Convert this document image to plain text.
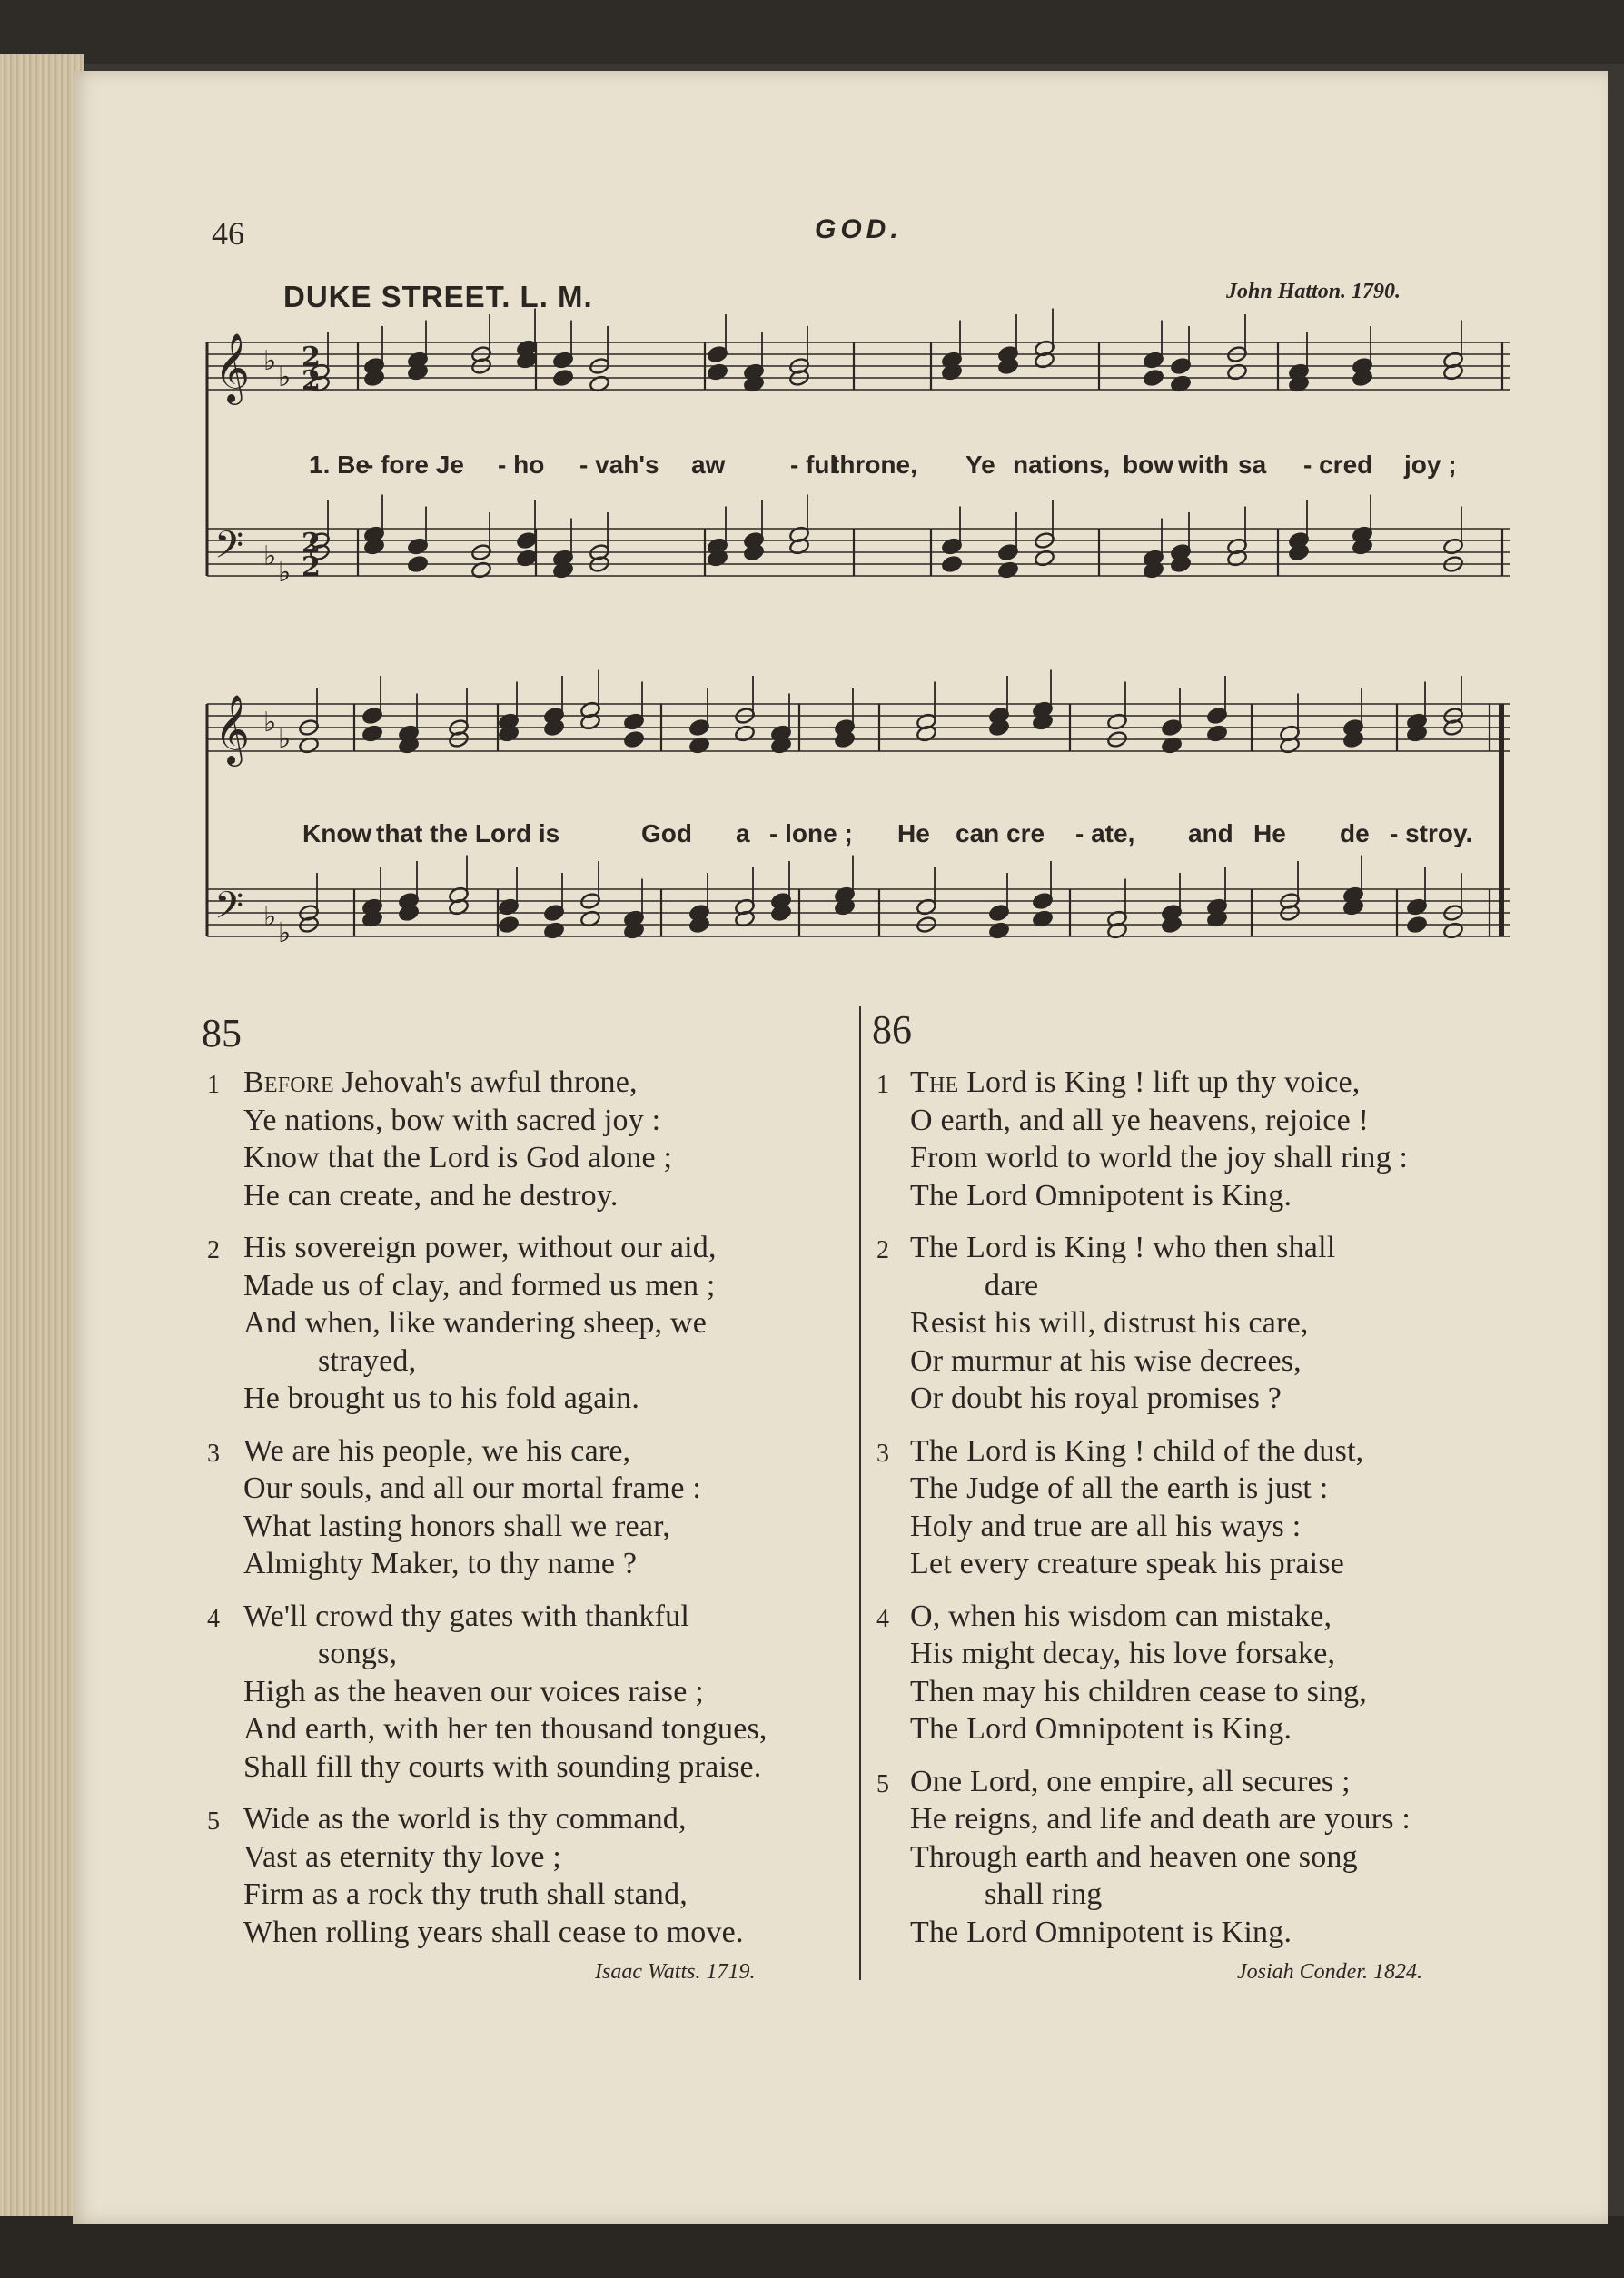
46	GOD.
DUKE STREET. L. M.	John Hatton. 1790.
𝄞 ♭
♭
2
2
𝄢 ♭
♭
2
2
𝄞 ♭
♭
𝄢 ♭
♭
1. Be
- fore Je - ho - vah's aw	- ful
throne, Ye nations, bow with sa - cred joy ;
Know that the Lord is	God a - lone ; He can cre - ate, and He de - stroy.
85	86
1 Before Jehovah's awful throne,
Ye nations, bow with sacred joy :
Know that the Lord is God alone ;
He can create, and he destroy.
2 His sovereign power, without our aid,
Made us of clay, and formed us men ;
And when, like wandering sheep, we
strayed,
He brought us to his fold again.
3 We are his people, we his care,
Our souls, and all our mortal frame :
What lasting honors shall we rear,
Almighty Maker, to thy name ?
4 We'll crowd thy gates with thankful
songs,
High as the heaven our voices raise ;
And earth, with her ten thousand tongues,
Shall fill thy courts with sounding praise.
5 Wide as the world is thy command,
Vast as eternity thy love ;
Firm as a rock thy truth shall stand,
When rolling years shall cease to move.
1 The Lord is King ! lift up thy voice,
O earth, and all ye heavens, rejoice !
From world to world the joy shall ring :
The Lord Omnipotent is King.
2 The Lord is King ! who then shall
dare
Resist his will, distrust his care,
Or murmur at his wise decrees,
Or doubt his royal promises ?
3 The Lord is King ! child of the dust,
The Judge of all the earth is just :
Holy and true are all his ways :
Let every creature speak his praise
4 O, when his wisdom can mistake,
His might decay, his love forsake,
Then may his children cease to sing,
The Lord Omnipotent is King.
5 One Lord, one empire, all secures ;
He reigns, and life and death are yours :
Through earth and heaven one song
shall ring
The Lord Omnipotent is King.
Isaac Watts. 1719.	Josiah Conder. 1824.
